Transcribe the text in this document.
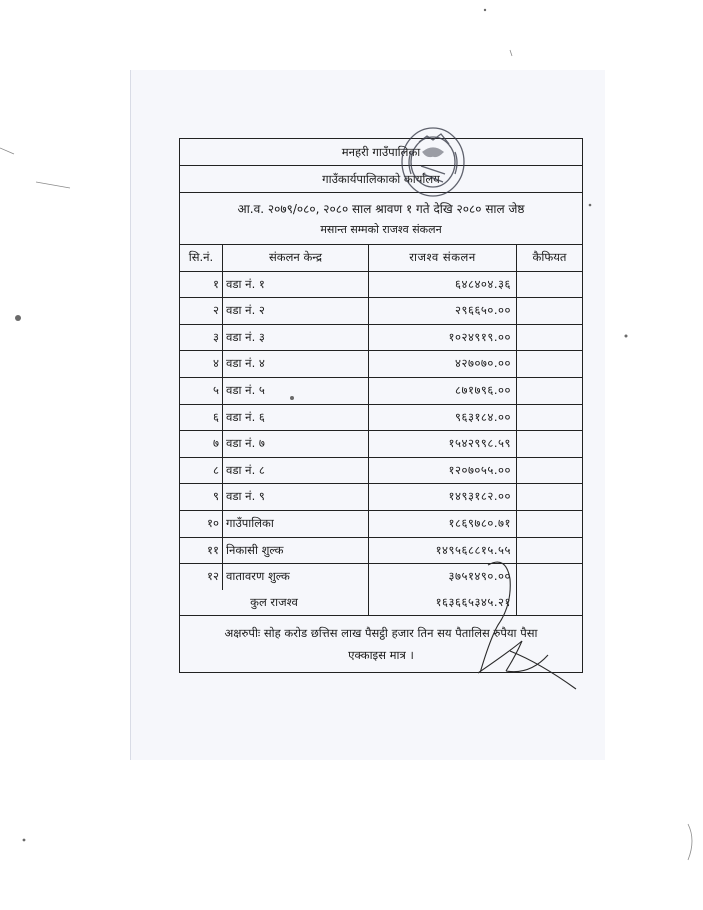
मनहरी गाउँपालिका
गाउँकार्यपालिकाको कार्यालय
आ.व. २०७९/०८०, २०८० साल श्रावण १ गते देखि २०८० साल जेष्ठ
मसान्त सम्मको राजश्व संकलन
सि.नं.	संकलन केन्द्र	राजश्व संकलन	कैफियत
१ वडा नं. १	६४८४०४.३६
२ वडा नं. २	२९६६५०.००
३ वडा नं. ३	१०२४९१९.००
४ वडा नं. ४	४२७०७०.००
५ वडा नं. ५	८७१७९६.००
६ वडा नं. ६	९६३१८४.००
७ वडा नं. ७	१५४२९९८.५९
८ वडा नं. ८	१२०७०५५.००
९ वडा नं. ९	१४९३१८२.००
१० गाउँपालिका	१८६९७८०.७१
११ निकासी शुल्क	१४९५६८८१५.५५
१२ वातावरण शुल्क	३७५१४९०.००
कुल राजश्व	१६३६६५३४५.२१
अक्षरुपीः सोह करोड छत्तिस लाख पैसट्ठी हजार तिन सय पैतालिस रुपैया पैसा
एक्काइस मात्र ।
